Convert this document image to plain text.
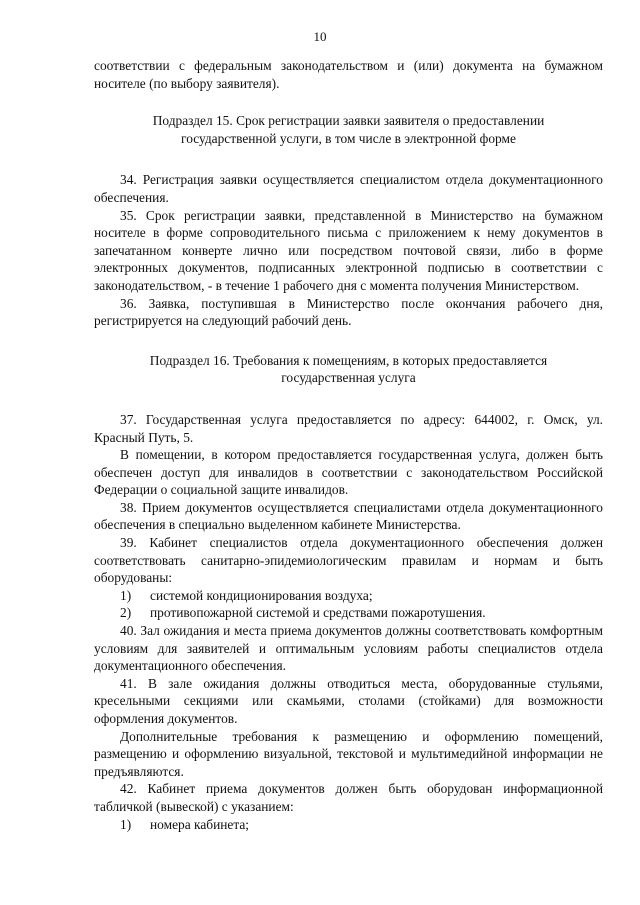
10

соответствии с федеральным законодательством и (или) документа на бумажном носителе (по выбору заявителя).

Подраздел 15. Срок регистрации заявки заявителя о предоставлении государственной услуги, в том числе в электронной форме

34. Регистрация заявки осуществляется специалистом отдела документационного обеспечения.

35. Срок регистрации заявки, представленной в Министерство на бумажном носителе в форме сопроводительного письма с приложением к нему документов в запечатанном конверте лично или посредством почтовой связи, либо в форме электронных документов, подписанных электронной подписью в соответствии с законодательством, - в течение 1 рабочего дня с момента получения Министерством.

36. Заявка, поступившая в Министерство после окончания рабочего дня, регистрируется на следующий рабочий день.

Подраздел 16. Требования к помещениям, в которых предоставляется государственная услуга

37. Государственная услуга предоставляется по адресу: 644002, г. Омск, ул. Красный Путь, 5.

В помещении, в котором предоставляется государственная услуга, должен быть обеспечен доступ для инвалидов в соответствии с законодательством Российской Федерации о социальной защите инвалидов.

38. Прием документов осуществляется специалистами отдела документационного обеспечения в специально выделенном кабинете Министерства.

39. Кабинет специалистов отдела документационного обеспечения должен соответствовать санитарно-эпидемиологическим правилам и нормам и быть оборудованы:

1)	системой кондиционирования воздуха;
2)	противопожарной системой и средствами пожаротушения.

40. Зал ожидания и места приема документов должны соответствовать комфортным условиям для заявителей и оптимальным условиям работы специалистов отдела документационного обеспечения.

41. В зале ожидания должны отводиться места, оборудованные стульями, кресельными секциями или скамьями, столами (стойками) для возможности оформления документов.

Дополнительные требования к размещению и оформлению помещений, размещению и оформлению визуальной, текстовой и мультимедийной информации не предъявляются.

42. Кабинет приема документов должен быть оборудован информационной табличкой (вывеской) с указанием:

1)	номера кабинета;
